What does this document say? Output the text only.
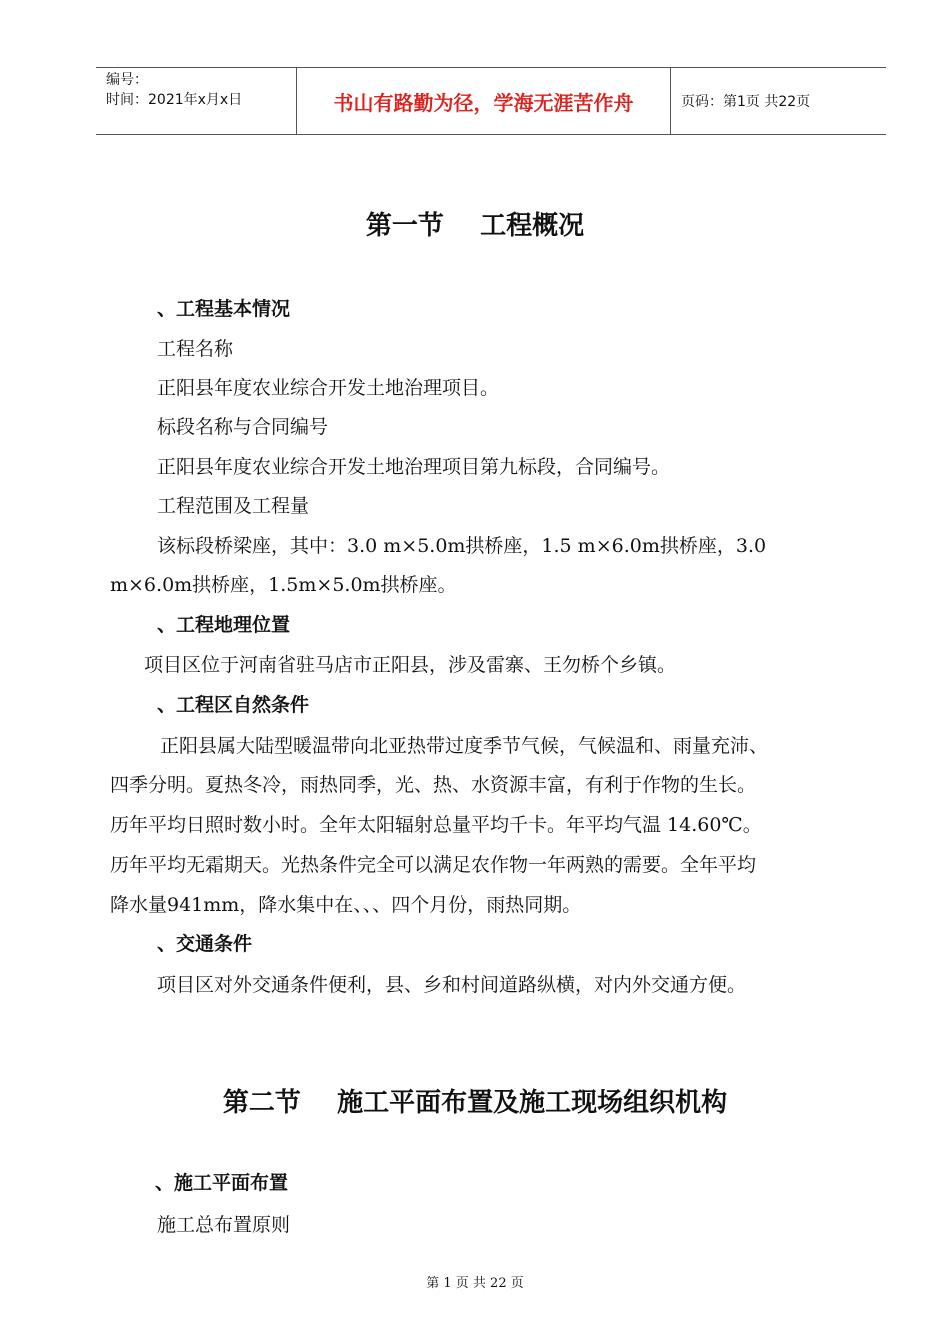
编号：
时间：2021年x月x日	书山有路勤为径，学海无涯苦作舟	页码：第1页 共22页
第一节    工程概况
、工程基本情况
工程名称
正阳县年度农业综合开发土地治理项目。
标段名称与合同编号
正阳县年度农业综合开发土地治理项目第九标段，合同编号。
工程范围及工程量
该标段桥梁座，其中：3.0 m×5.0m拱桥座，1.5 m×6.0m拱桥座，3.0
m×6.0m拱桥座，1.5m×5.0m拱桥座。
、工程地理位置
项目区位于河南省驻马店市正阳县，涉及雷寨、王勿桥个乡镇。
、工程区自然条件
正阳县属大陆型暖温带向北亚热带过度季节气候，气候温和、雨量充沛、
四季分明。夏热冬冷，雨热同季，光、热、水资源丰富，有利于作物的生长。
历年平均日照时数小时。全年太阳辐射总量平均千卡。年平均气温 14.60℃。
历年平均无霜期天。光热条件完全可以满足农作物一年两熟的需要。全年平均
降水量941mm，降水集中在、、、四个月份，雨热同期。
、交通条件
项目区对外交通条件便利，县、乡和村间道路纵横，对内外交通方便。
第二节    施工平面布置及施工现场组织机构
、施工平面布置
施工总布置原则
第 1 页 共 22 页
